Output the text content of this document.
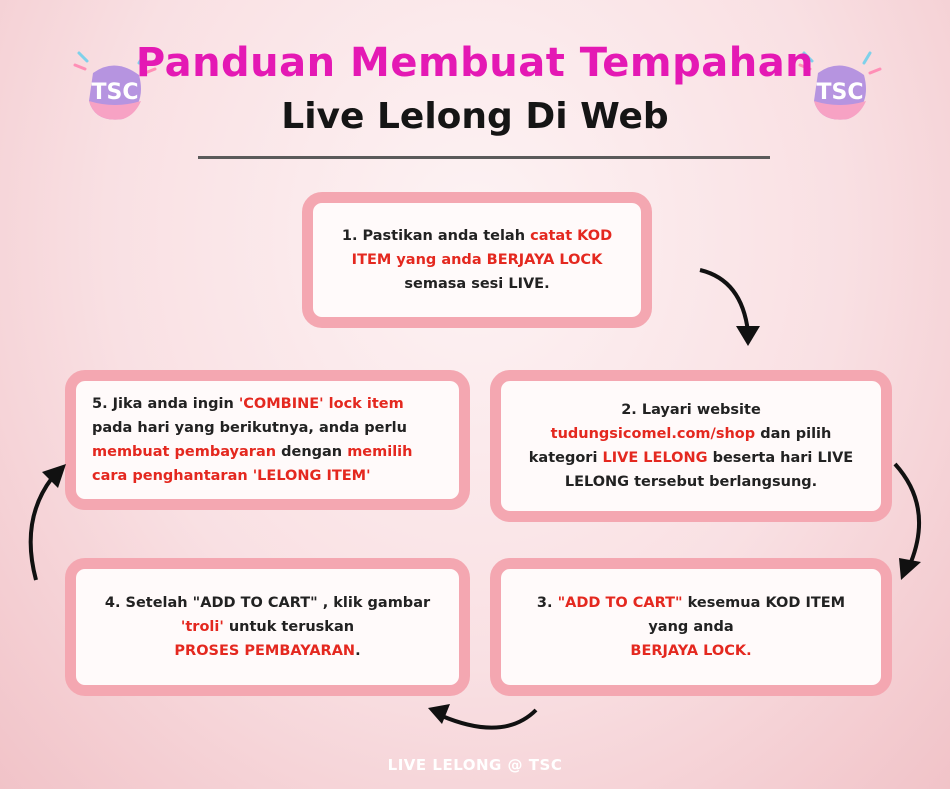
TSC	TSC
Panduan Membuat Tempahan
Live Lelong Di Web
1. Pastikan anda telah catat KOD ITEM yang anda BERJAYA LOCK semasa sesi LIVE.
2. Layari website
tudungsicomel.com/shop dan pilih kategori LIVE LELONG beserta hari LIVE LELONG tersebut berlangsung.
3. "ADD TO CART" kesemua KOD ITEM yang anda
BERJAYA LOCK.
4. Setelah "ADD TO CART" , klik gambar 'troli' untuk teruskan
PROSES PEMBAYARAN.
5. Jika anda ingin 'COMBINE' lock item pada hari yang berikutnya, anda perlu membuat pembayaran dengan memilih cara penghantaran 'LELONG ITEM'
LIVE LELONG @ TSC
